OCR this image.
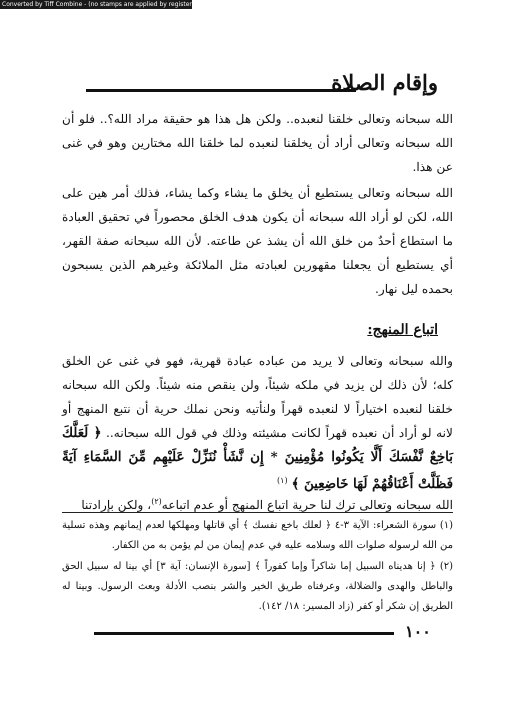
Converted by Tiff Combine - (no stamps are applied by registered version)
وإقام الصلاة
الله سبحانه وتعالى خلقنا لنعبده.. ولكن هل هذا هو حقيقة مراد الله؟.. فلو أن الله سبحانه وتعالى أراد أن يخلقنا لنعبده لما خلقنا الله مختارين وهو في غنى عن هذا.
الله سبحانه وتعالى يستطيع أن يخلق ما يشاء وكما يشاء، فذلك أمر هين على الله، لكن لو أراد الله سبحانه أن يكون هدف الخلق محصوراً في تحقيق العبادة ما استطاع أحدٌ من خلق الله أن يشذ عن طاعته. لأن الله سبحانه صفة القهر، أي يستطيع أن يجعلنا مقهورين لعبادته مثل الملائكة وغيرهم الذين يسبحون بحمده ليل نهار.
اتباع المنهج:
والله سبحانه وتعالى لا يريد من عباده عبادة قهرية، فهو في غنى عن الخلق كله؛ لأن ذلك لن يزيد في ملكه شيئاً، ولن ينقص منه شيئاً. ولكن الله سبحانه خلقنا لنعبده اختياراً لا لنعبده قهراً ولنأتيه ونحن نملك حرية أن نتبع المنهج أو لانه لو أراد أن نعبده قهراً لكانت مشيئته وذلك في قول الله سبحانه.. ﴿ لَعَلَّكَ بَاخِعٌ نَّفْسَكَ أَلَّا يَكُونُوا مُؤْمِنِينَ * إِن نَّشَأْ نُنَزِّلْ عَلَيْهِم مِّنَ السَّمَاءِ آيَةً فَظَلَّتْ أَعْنَاقُهُمْ لَهَا خَاضِعِينَ ﴾ $^{(١)}$
الله سبحانه وتعالى ترك لنا حرية اتباع المنهج أو عدم اتباعه$^{(٢)}$، ولكن بإرادتنا
(١) سورة الشعراء: الآية ٣-٤ ﴿ لعلك باخع نفسك ﴾ أي قاتلها ومهلكها لعدم إيمانهم وهذه تسلية من الله لرسوله صلوات الله وسلامه عليه في عدم إيمان من لم يؤمن به من الكفار.
(٢) ﴿ إنا هديناه السبيل إما شاكراً وإما كفوراً ﴾ [سورة الإنسان: آية ٣] أي بينا له سبيل الحق والباطل والهدى والضلالة، وعرفناه طريق الخير والشر بنصب الأدلة وبعث الرسول. وبينا له الطريق إن شكر أو كفر (زاد المسير: ١٨/ ١٤٢).
١٠٠
